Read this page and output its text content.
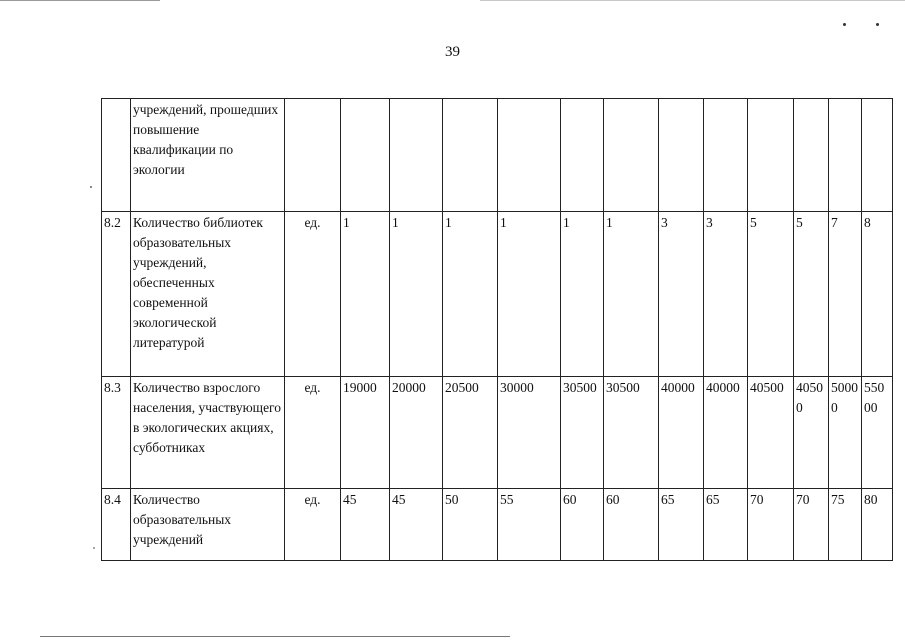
39
	учреждений, прошедших повышение квалификации по экологии													
8.2	Количество библиотек образовательных учреждений, обеспеченных современной экологической литературой	ед.	1	1	1	1	1	1	3	3	5	5	7	8
8.3	Количество взрослого населения, участвующего в экологических акциях, субботниках	ед.	19000	20000	20500	30000	30500	30500	40000	40000	40500	40500	50000	55000
8.4	Количество образовательных учреждений	ед.	45	45	50	55	60	60	65	65	70	70	75	80
